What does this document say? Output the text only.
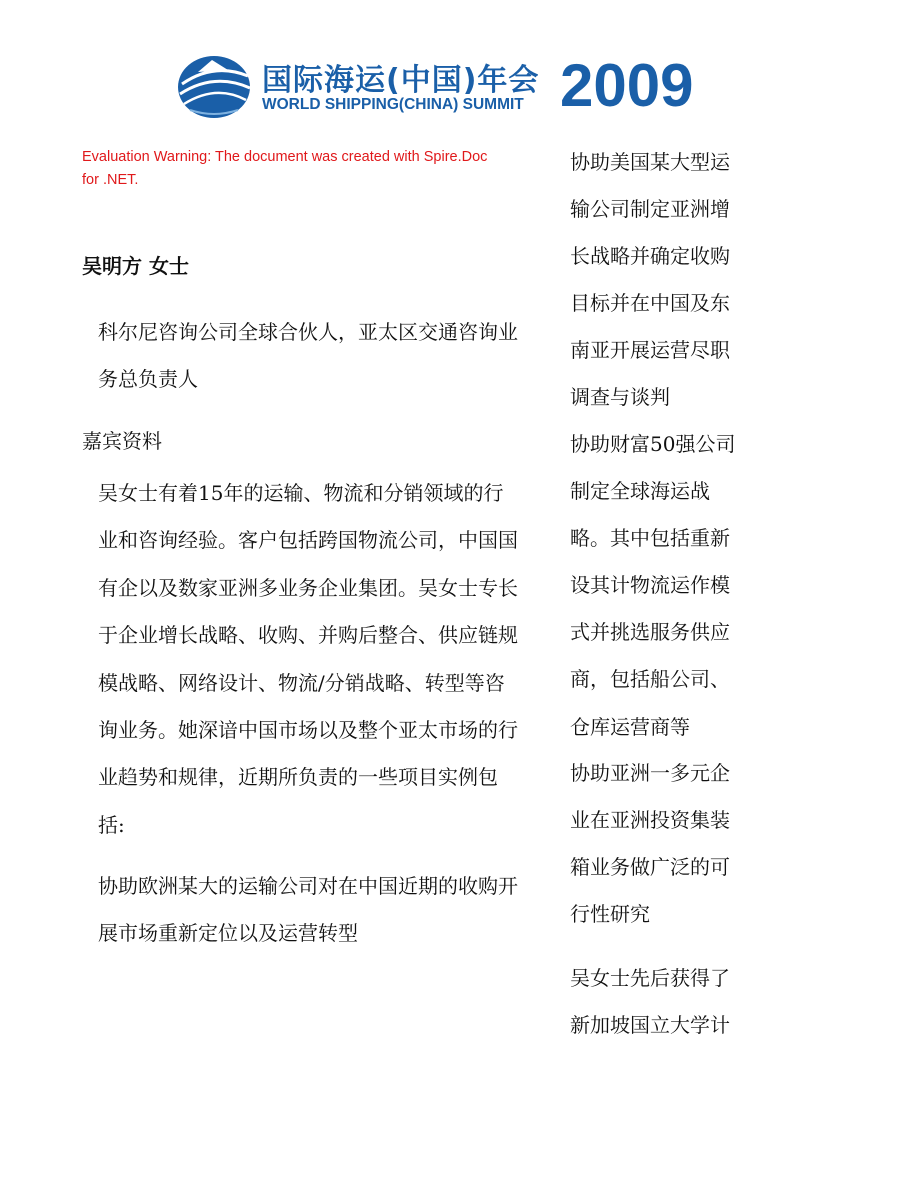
国际海运(中国)年会
WORLD SHIPPING(CHINA) SUMMIT 2009
Evaluation Warning: The document was created with Spire.Doc for .NET.
吴明方 女士
科尔尼咨询公司全球合伙人，亚太区交通咨询业务总负责人
嘉宾资料
吴女士有着15年的运输、物流和分销领域的行业和咨询经验。客户包括跨国物流公司，中国国有企以及数家亚洲多业务企业集团。吴女士专长于企业增长战略、收购、并购后整合、供应链规模战略、网络设计、物流/分销战略、转型等咨询业务。她深谙中国市场以及整个亚太市场的行业趋势和规律，近期所负责的一些项目实例包括:
协助欧洲某大的运输公司对在中国近期的收购开展市场重新定位以及运营转型
协助美国某大型运
输公司制定亚洲增
长战略并确定收购
目标并在中国及东
南亚开展运营尽职
调查与谈判
协助财富50强公司
制定全球海运战
略。其中包括重新
设其计物流运作模
式并挑选服务供应
商，包括船公司、
仓库运营商等
协助亚洲一多元企
业在亚洲投资集装
箱业务做广泛的可
行性研究
吴女士先后获得了
新加坡国立大学计
